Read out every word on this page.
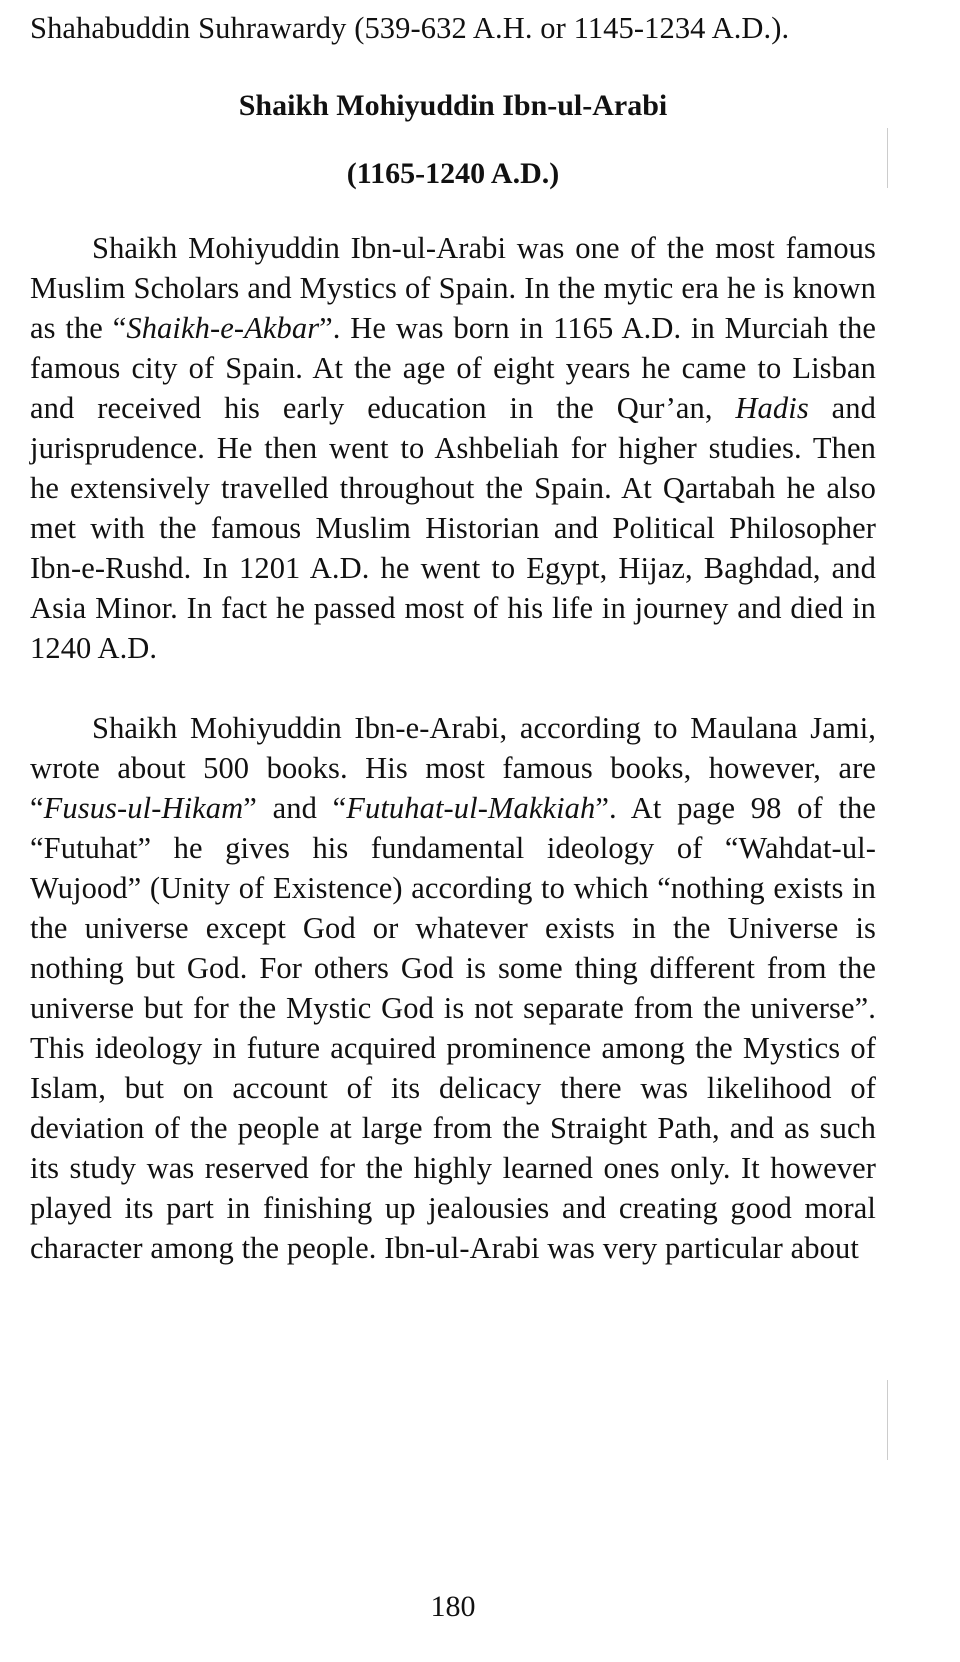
Shahabuddin Suhrawardy (539-632 A.H. or 1145-1234 A.D.).

Shaikh Mohiyuddin Ibn-ul-Arabi

(1165-1240 A.D.)

Shaikh Mohiyuddin Ibn-ul-Arabi was one of the most famous Muslim Scholars and Mystics of Spain. In the mytic era he is known as the “Shaikh-e-Akbar”. He was born in 1165 A.D. in Murciah the famous city of Spain. At the age of eight years he came to Lisban and received his early education in the Qur’an, Hadis and jurisprudence. He then went to Ashbeliah for higher studies. Then he extensively travelled throughout the Spain. At Qartabah he also met with the famous Muslim Historian and Political Philosopher Ibn-e-Rushd. In 1201 A.D. he went to Egypt, Hijaz, Baghdad, and Asia Minor. In fact he passed most of his life in journey and died in 1240 A.D.

Shaikh Mohiyuddin Ibn-e-Arabi, according to Maulana Jami, wrote about 500 books. His most famous books, however, are “Fusus-ul-Hikam” and “Futuhat-ul-Makkiah”. At page 98 of the “Futuhat” he gives his fundamental ideology of “Wahdat-ul-Wujood” (Unity of Existence) according to which “nothing exists in the universe except God or whatever exists in the Universe is nothing but God. For others God is some thing different from the universe but for the Mystic God is not separate from the universe”. This ideology in future acquired prominence among the Mystics of Islam, but on account of its delicacy there was likelihood of deviation of the people at large from the Straight Path, and as such its study was reserved for the highly learned ones only. It however played its part in finishing up jealousies and creating good moral character among the people. Ibn-ul-Arabi was very particular about

180
